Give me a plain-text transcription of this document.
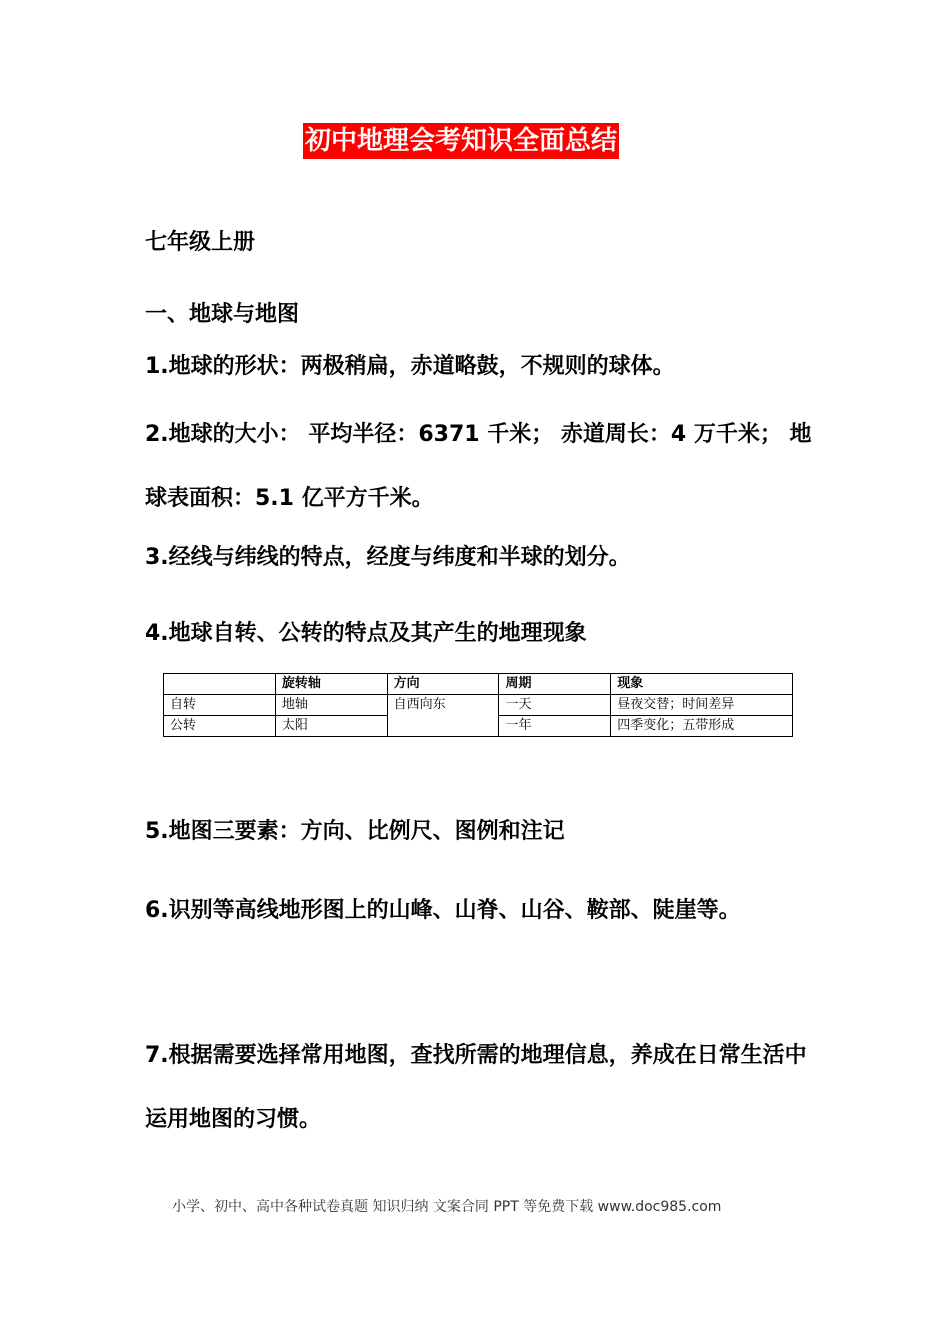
初中地理会考知识全面总结
七年级上册
一、地球与地图
1.地球的形状：两极稍扁，赤道略鼓，不规则的球体。
2.地球的大小： 平均半径：6371 千米； 赤道周长：4 万千米； 地球表面积：5.1 亿平方千米。
3.经线与纬线的特点，经度与纬度和半球的划分。
4.地球自转、公转的特点及其产生的地理现象
	旋转轴	方向	周期	现象
自转	地轴	自西向东	一天	昼夜交替；时间差异
公转	太阳		一年	四季变化；五带形成
5.地图三要素：方向、比例尺、图例和注记
6.识别等高线地形图上的山峰、山脊、山谷、鞍部、陡崖等。
7.根据需要选择常用地图，查找所需的地理信息，养成在日常生活中运用地图的习惯。
小学、初中、高中各种试卷真题 知识归纳 文案合同 PPT 等免费下载 www.doc985.com
